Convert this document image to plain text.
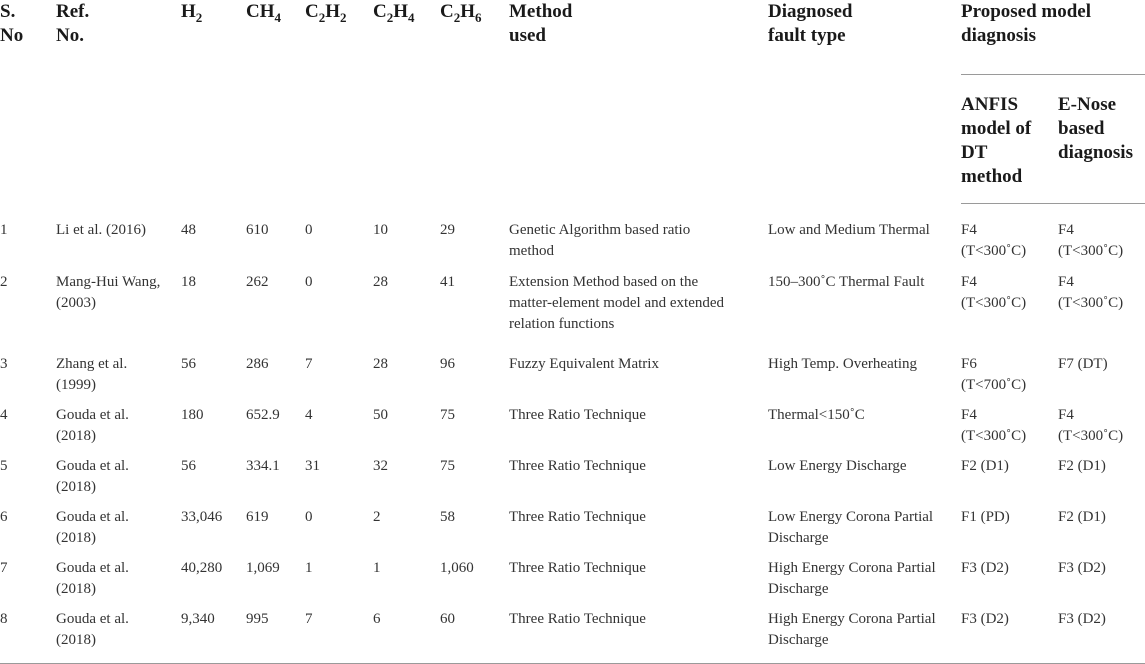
S. No	Ref. No.	$H_2$	$CH_4$	$C_2H_2$	$C_2H_4$	$C_2H_6$	Method used	Diagnosed fault type	Proposed model diagnosis	

									ANFIS model of DT method	E-Nose based diagnosis

1	Li et al. (2016)	48	610	0	10	29	Genetic Algorithm based ratio method	Low and Medium Thermal	F4 (T<300˚C)	F4 (T<300˚C)

2	Mang-Hui Wang, (2003)	18	262	0	28	41	Extension Method based on the matter-element model and extended relation functions	150–300˚C Thermal Fault	F4 (T<300˚C)	F4 (T<300˚C)

3	Zhang et al. (1999)	56	286	7	28	96	Fuzzy Equivalent Matrix	High Temp. Overheating	F6 (T<700˚C)	F7 (DT)

4	Gouda et al. (2018)	180	652.9	4	50	75	Three Ratio Technique	Thermal<150˚C	F4 (T<300˚C)	F4 (T<300˚C)

5	Gouda et al. (2018)	56	334.1	31	32	75	Three Ratio Technique	Low Energy Discharge	F2 (D1)	F2 (D1)

6	Gouda et al. (2018)	33,046	619	0	2	58	Three Ratio Technique	Low Energy Corona Partial Discharge	F1 (PD)	F2 (D1)

7	Gouda et al. (2018)	40,280	1,069	1	1	1,060	Three Ratio Technique	High Energy Corona Partial Discharge	F3 (D2)	F3 (D2)

8	Gouda et al. (2018)	9,340	995	7	6	60	Three Ratio Technique	High Energy Corona Partial Discharge	F3 (D2)	F3 (D2)
